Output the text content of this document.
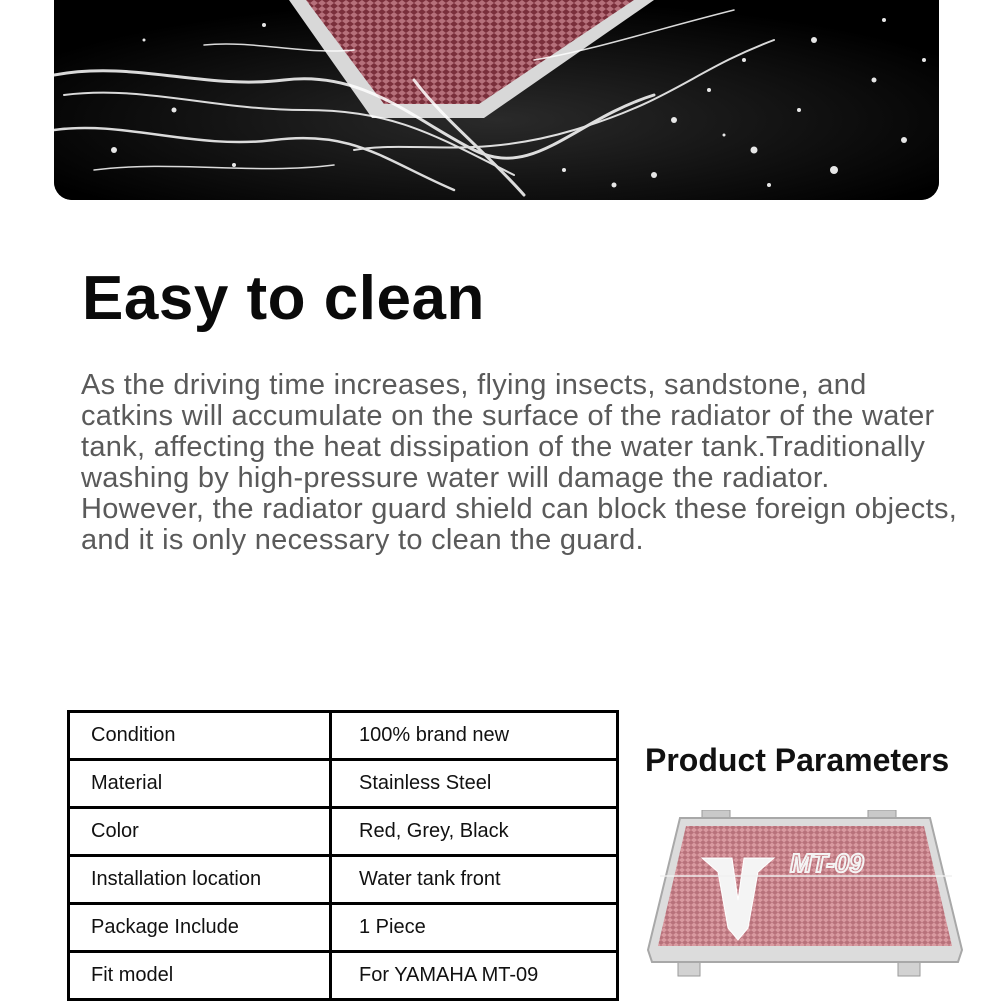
Easy to clean

As the driving time increases, flying insects, sandstone, and catkins will accumulate on the surface of the radiator of the water tank, affecting the heat dissipation of the water tank.Traditionally washing by high-pressure water will damage the radiator.

However, the radiator guard shield can block these foreign objects, and it is only necessary to clean the guard.

Condition	100% brand new
Material	Stainless Steel
Color	Red, Grey, Black
Installation location	Water tank front
Package Include	1 Piece
Fit model	For YAMAHA MT-09
Product Parameters
MT-09
